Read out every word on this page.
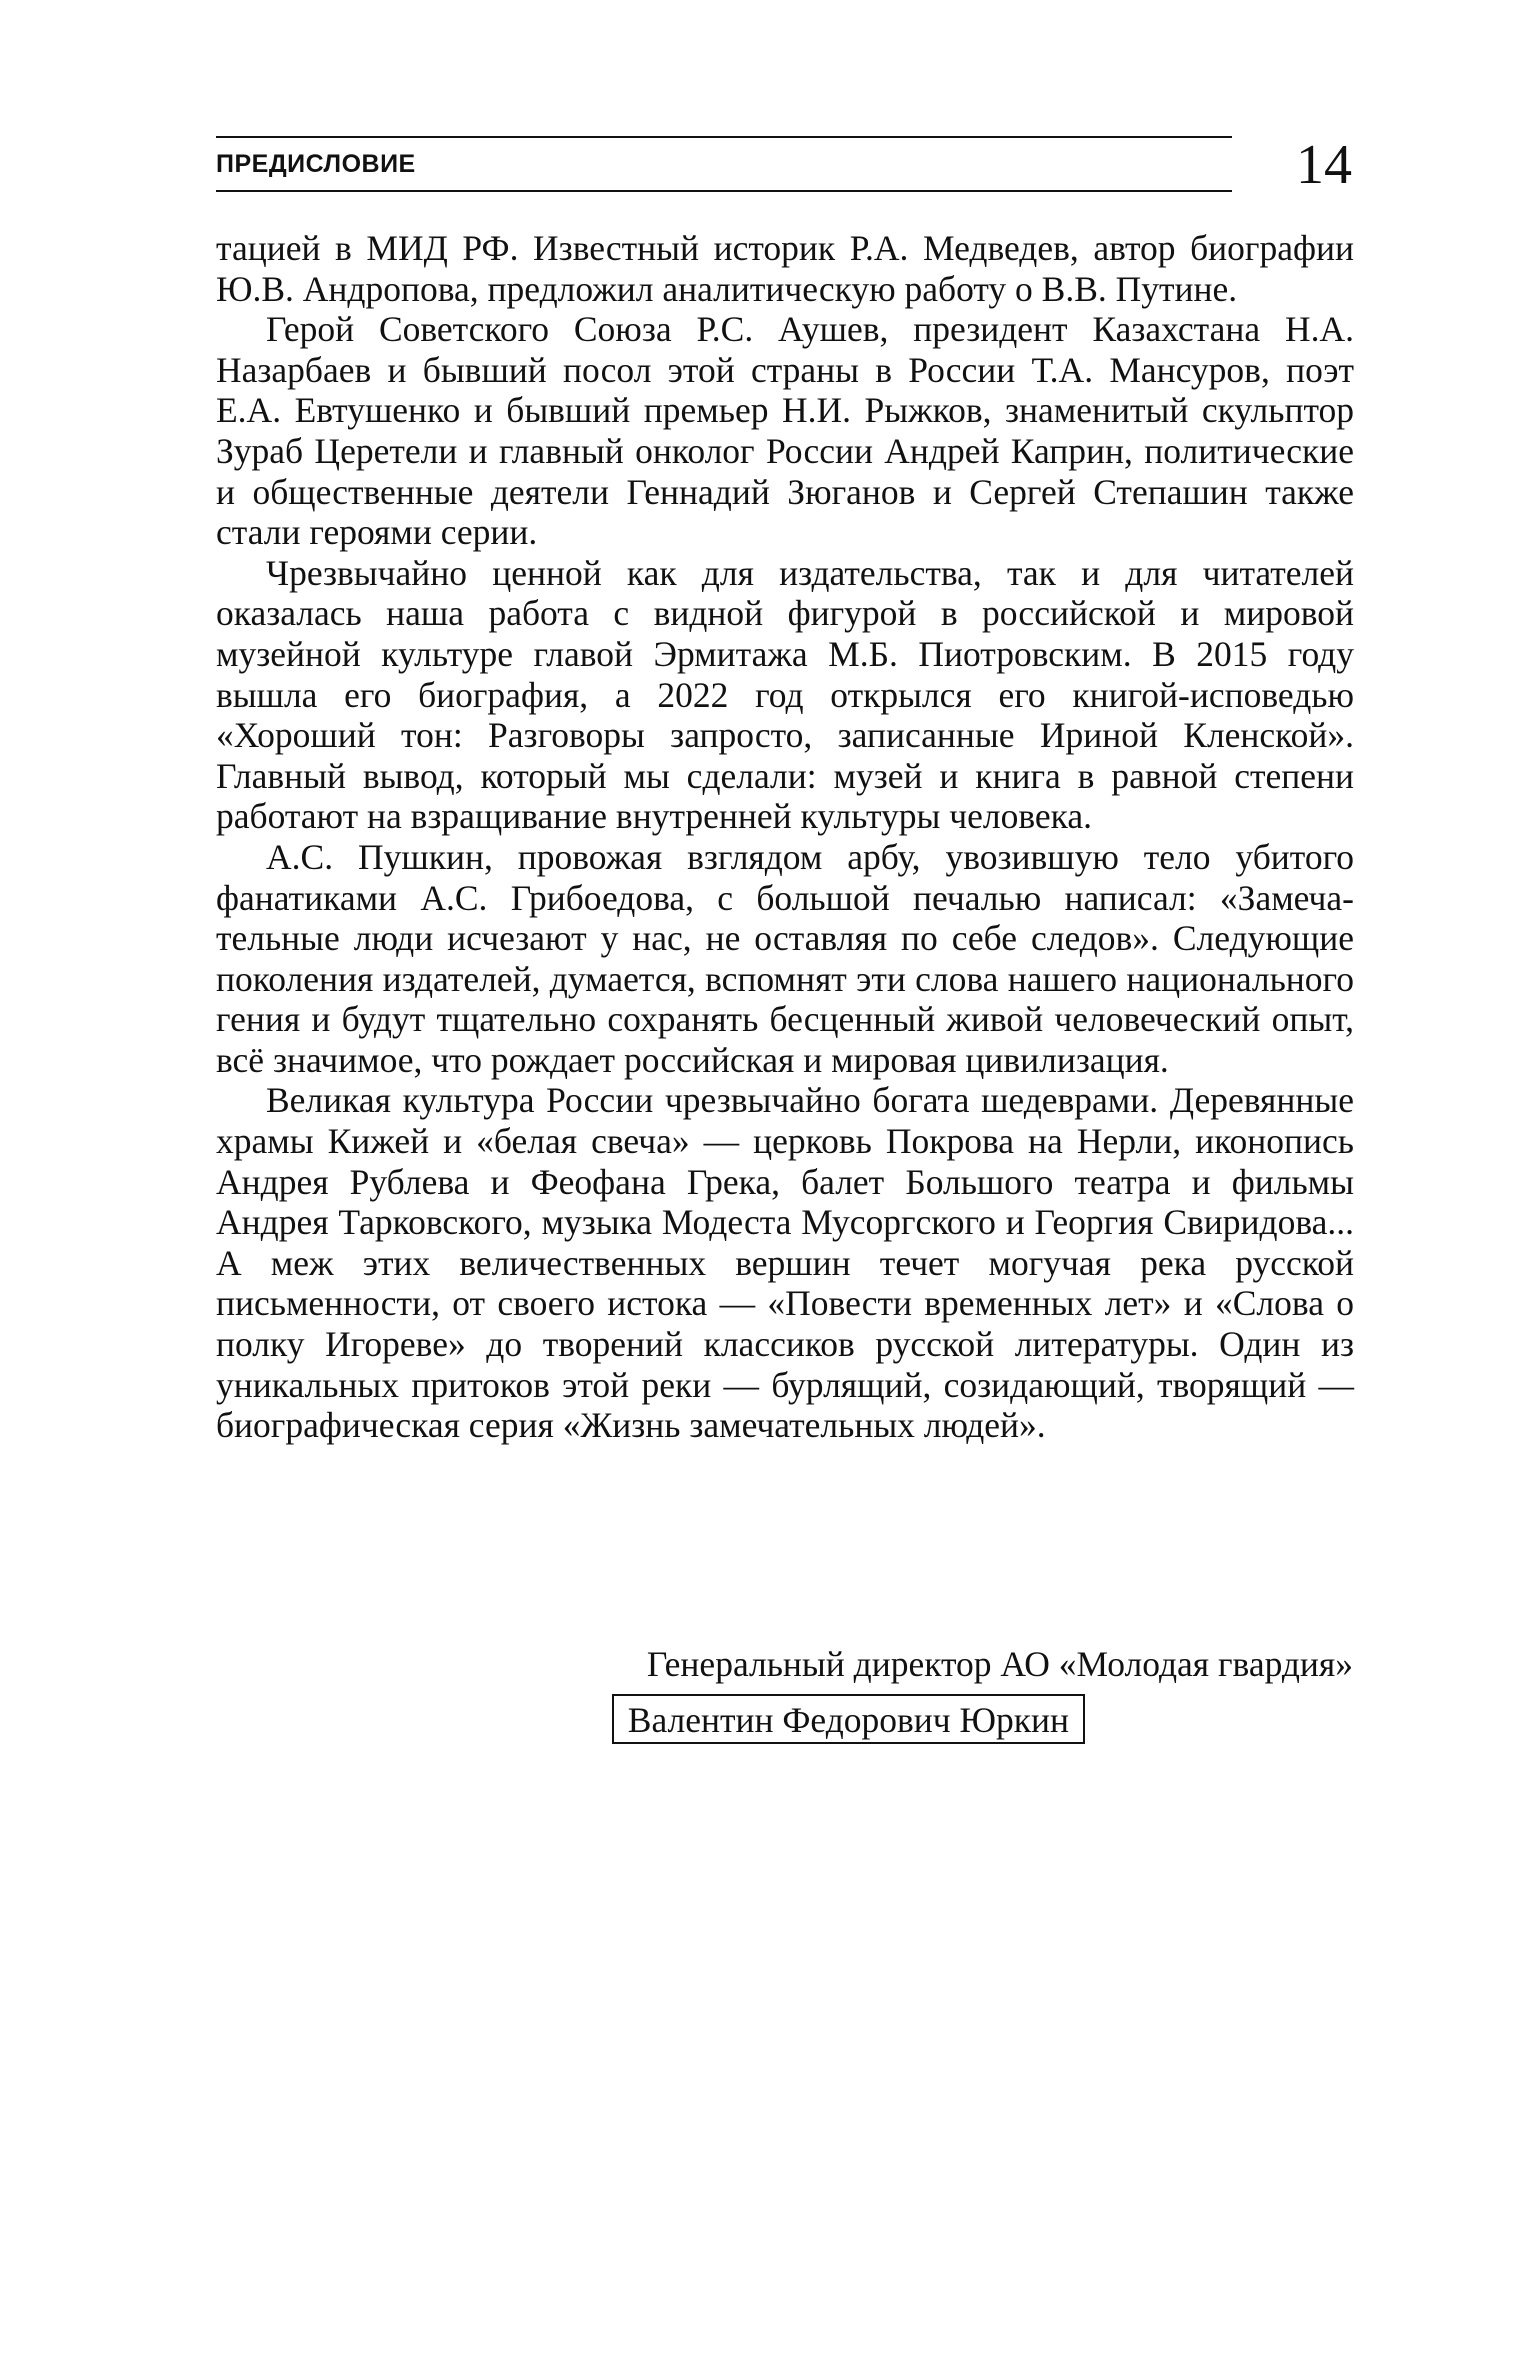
ПРЕДИСЛОВИЕ	14

тацией в МИД РФ. Известный историк Р.А. Медведев, автор биографии Ю.В. Андропова, предложил аналитическую работу о В.В. Путине.

Герой Советского Союза Р.С. Аушев, президент Казахстана Н.А. Назарбаев и бывший посол этой страны в России Т.А. Мансуров, поэт Е.А. Евтушенко и бывший премьер Н.И. Рыжков, знаменитый скульптор Зураб Церетели и главный онколог России Андрей Каприн, политические и общественные деятели Геннадий Зюганов и Сергей Степашин также стали героями серии.

Чрезвычайно ценной как для издательства, так и для читателей оказалась наша работа с видной фигурой в российской и мировой музейной культуре главой Эрмитажа М.Б. Пиотровским. В 2015 году вышла его биография, а 2022 год открылся его книгой-исповедью «Хороший тон: Разговоры запросто, записанные Ириной Кленской». Главный вывод, который мы сделали: музей и книга в равной степени работают на взращивание внутренней культуры человека.

А.С. Пушкин, провожая взглядом арбу, увозившую тело убитого фанатиками А.С. Грибоедова, с большой печалью написал: «Замечательные люди исчезают у нас, не оставляя по себе следов». Следующие поколения издателей, думается, вспомнят эти слова нашего национального гения и будут тщательно сохранять бесценный живой человеческий опыт, всё значимое, что рождает российская и мировая цивилизация.

Великая культура России чрезвычайно богата шедеврами. Деревянные храмы Кижей и «белая свеча» — церковь Покрова на Нерли, иконопись Андрея Рублева и Феофана Грека, балет Большого театра и фильмы Андрея Тарковского, музыка Модеста Мусоргского и Георгия Свиридова... А меж этих величественных вершин течет могучая река русской письменности, от своего истока — «Повести временных лет» и «Слова о полку Игореве» до творений классиков русской литературы. Один из уникальных притоков этой реки — бурлящий, созидающий, творящий — биографическая серия «Жизнь замечательных людей».

Генеральный директор АО «Молодая гвардия»
Валентин Федорович Юркин
